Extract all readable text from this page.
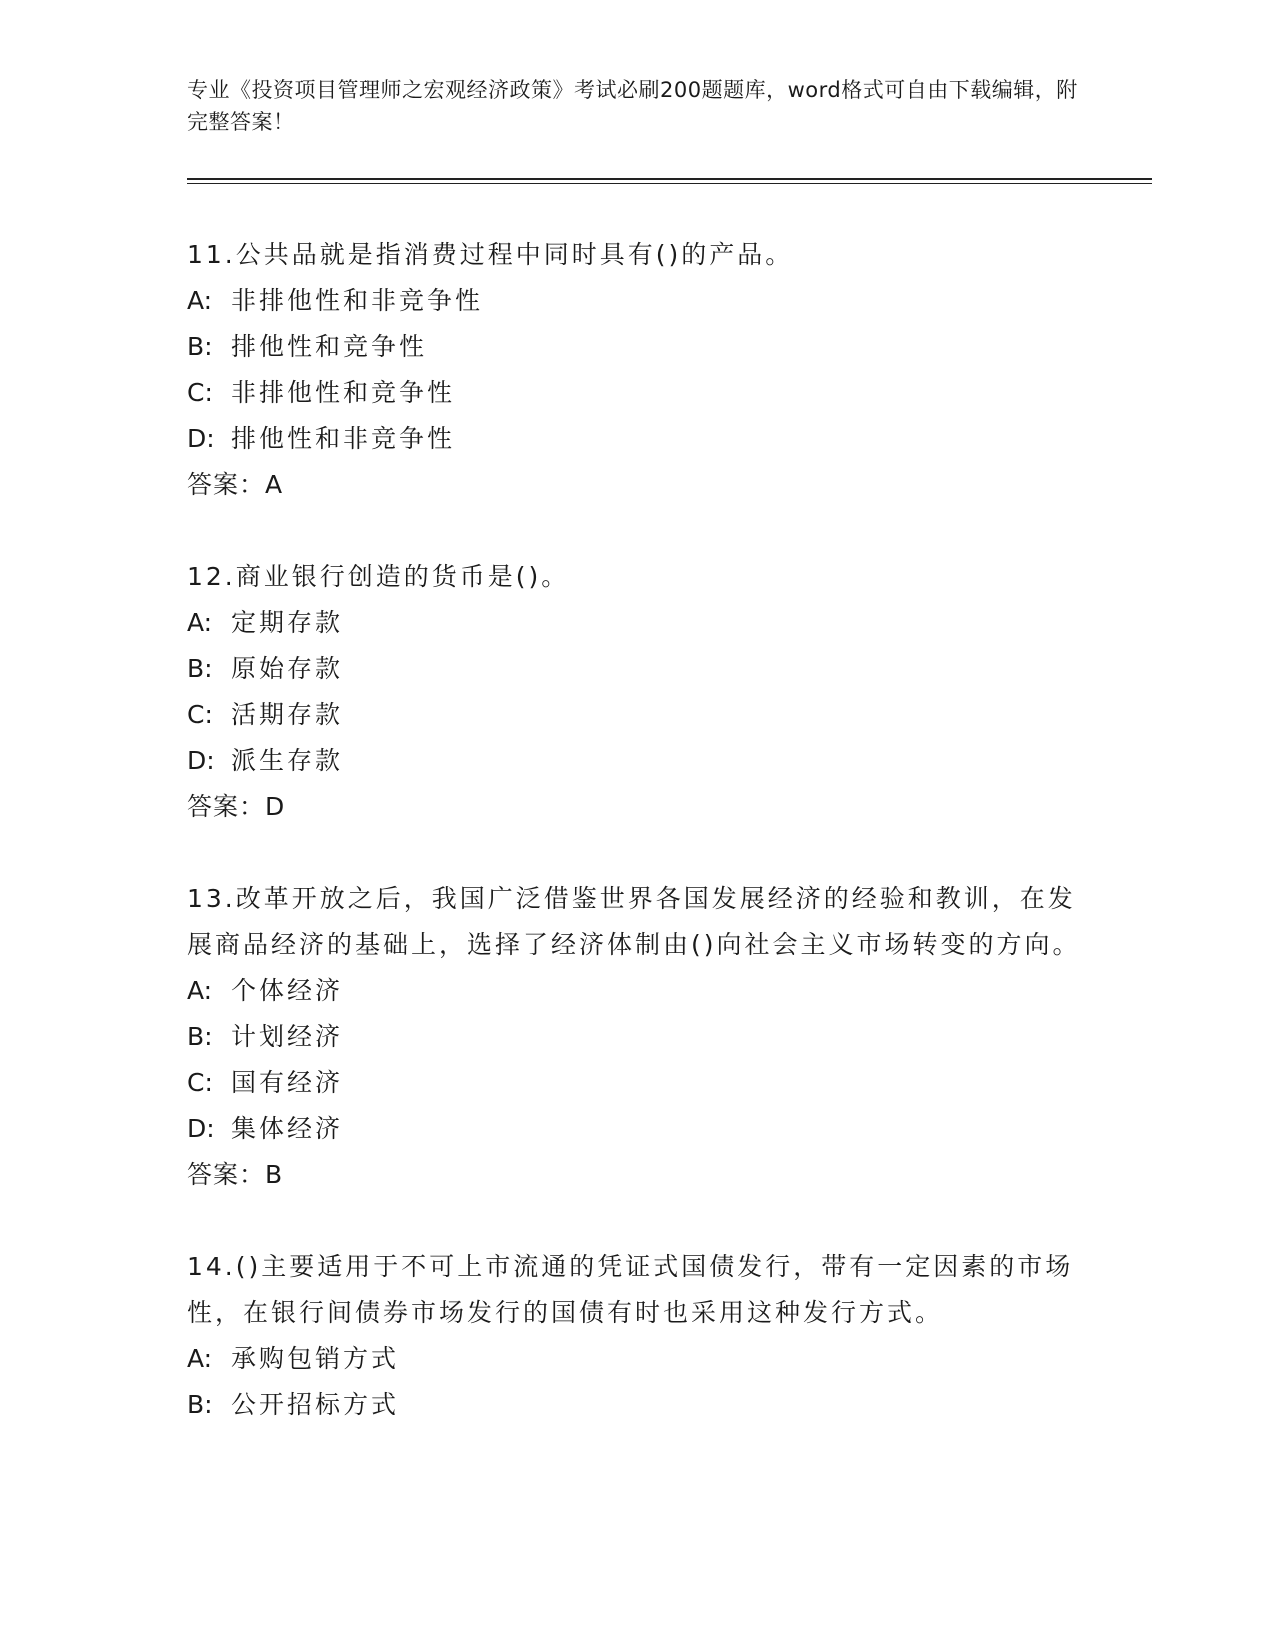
专业《投资项目管理师之宏观经济政策》考试必刷200题题库，word格式可自由下载编辑，附完整答案！

11.公共品就是指消费过程中同时具有()的产品。

A: 非排他性和非竞争性

B: 排他性和竞争性

C: 非排他性和竞争性

D: 排他性和非竞争性

答案：A

12.商业银行创造的货币是()。

A: 定期存款

B: 原始存款

C: 活期存款

D: 派生存款

答案：D

13.改革开放之后，我国广泛借鉴世界各国发展经济的经验和教训，在发展商品经济的基础上，选择了经济体制由()向社会主义市场转变的方向。

A: 个体经济

B: 计划经济

C: 国有经济

D: 集体经济

答案：B

14.()主要适用于不可上市流通的凭证式国债发行，带有一定因素的市场性，在银行间债券市场发行的国债有时也采用这种发行方式。

A: 承购包销方式

B: 公开招标方式
